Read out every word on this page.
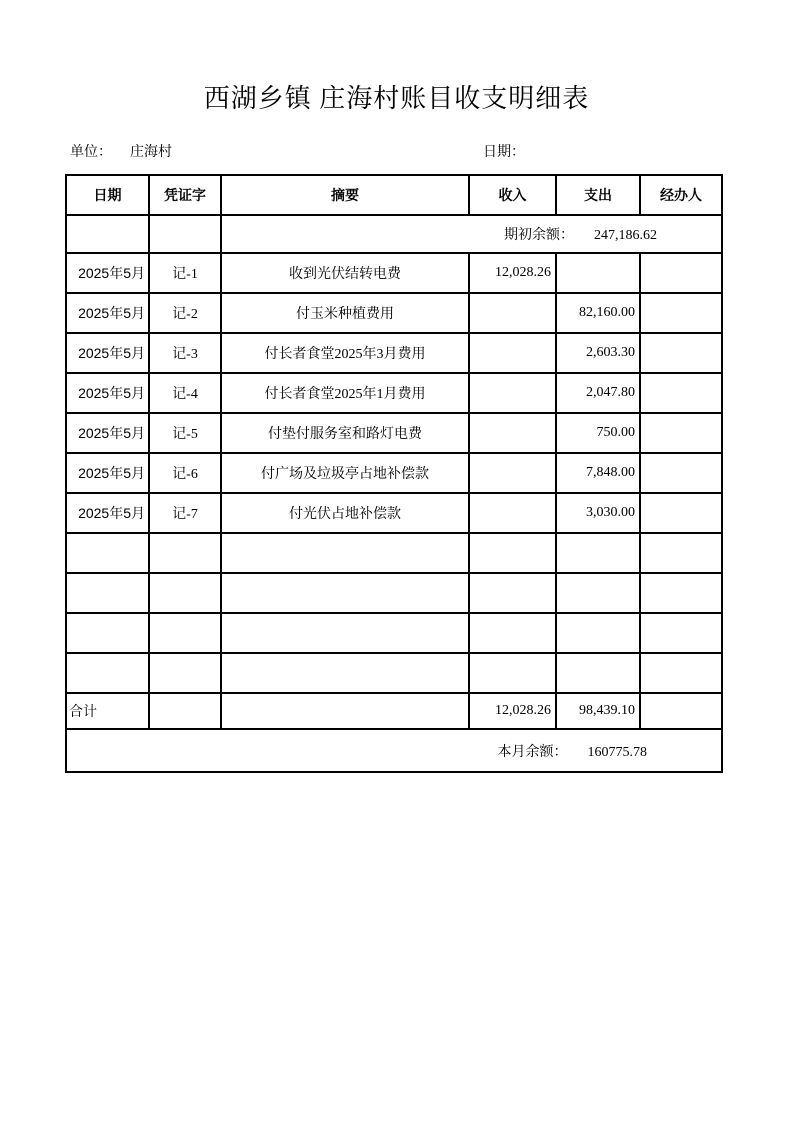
西湖乡镇 庄海村账目收支明细表
单位： 庄海村	日期：
日期	凭证字	摘要	收入	支出	经办人
		期初余额： 247,186.62			
2025年5月	记-1	收到光伏结转电费	12,028.26		
2025年5月	记-2	付玉米种植费用		82,160.00	
2025年5月	记-3	付长者食堂2025年3月费用		2,603.30	
2025年5月	记-4	付长者食堂2025年1月费用		2,047.80	
2025年5月	记-5	付垫付服务室和路灯电费		750.00	
2025年5月	记-6	付广场及垃圾亭占地补偿款		7,848.00	
2025年5月	记-7	付光伏占地补偿款		3,030.00	

合计			12,028.26	98,439.10	
本月余额： 160775.78					
